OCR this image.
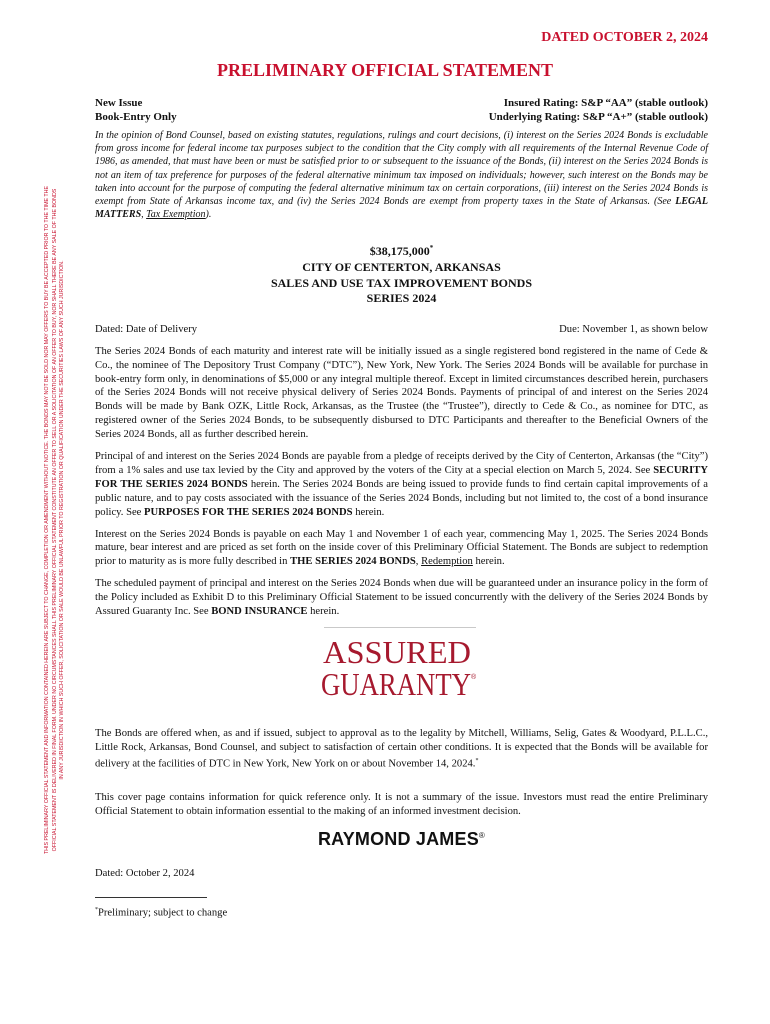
DATED OCTOBER 2, 2024
PRELIMINARY OFFICIAL STATEMENT
THIS PRELIMINARY OFFICIAL STATEMENT AND INFORMATION CONTAINED HEREIN ARE SUBJECT TO CHANGE, COMPLETION OR AMENDMENT WITHOUT NOTICE. THE BONDS MAY NOT BE SOLD NOR MAY OFFERS TO BUY BE ACCEPTED PRIOR TO THE TIME THE OFFICIAL STATEMENT IS DELIVERED IN FINAL FORM. UNDER NO CIRCUMSTANCES SHALL THIS PRELIMINARY OFFICIAL STATEMENT CONSTITUTE AN OFFER TO SELL OR A SOLICITATION OF AN OFFER TO BUY, NOR SHALL THERE BE ANY SALE OF THE BONDS IN ANY JURISDICTION IN WHICH SUCH OFFER, SOLICITATION OR SALE WOULD BE UNLAWFUL PRIOR TO REGISTRATION OR QUALIFICATION UNDER THE SECURITIES LAWS OF ANY SUCH JURISDICTION.
New Issue	Insured Rating: S&P “AA” (stable outlook)
Book-Entry Only	Underlying Rating: S&P “A+” (stable outlook)
In the opinion of Bond Counsel, based on existing statutes, regulations, rulings and court decisions, (i) interest on the Series 2024 Bonds is excludable from gross income for federal income tax purposes subject to the condition that the City comply with all requirements of the Internal Revenue Code of 1986, as amended, that must have been or must be satisfied prior to or subsequent to the issuance of the Bonds, (ii) interest on the Series 2024 Bonds is not an item of tax preference for purposes of the federal alternative minimum tax imposed on individuals; however, such interest on the Bonds may be taken into account for the purpose of computing the federal alternative minimum tax on certain corporations, (iii) interest on the Series 2024 Bonds is exempt from State of Arkansas income tax, and (iv) the Series 2024 Bonds are exempt from property taxes in the State of Arkansas. (See LEGAL MATTERS, Tax Exemption).
$38,175,000*
CITY OF CENTERTON, ARKANSAS
SALES AND USE TAX IMPROVEMENT BONDS
SERIES 2024
Dated: Date of Delivery	Due: November 1, as shown below

The Series 2024 Bonds of each maturity and interest rate will be initially issued as a single registered bond registered in the name of Cede & Co., the nominee of The Depository Trust Company (“DTC”), New York, New York. The Series 2024 Bonds will be available for purchase in book-entry form only, in denominations of $5,000 or any integral multiple thereof. Except in limited circumstances described herein, purchasers of the Series 2024 Bonds will not receive physical delivery of Series 2024 Bonds. Payments of principal of and interest on the Series 2024 Bonds will be made by Bank OZK, Little Rock, Arkansas, as the Trustee (the “Trustee”), directly to Cede & Co., as nominee for DTC, as registered owner of the Series 2024 Bonds, to be subsequently disbursed to DTC Participants and thereafter to the Beneficial Owners of the Series 2024 Bonds, all as further described herein.

Principal of and interest on the Series 2024 Bonds are payable from a pledge of receipts derived by the City of Centerton, Arkansas (the “City”) from a 1% sales and use tax levied by the City and approved by the voters of the City at a special election on March 5, 2024. See SECURITY FOR THE SERIES 2024 BONDS herein. The Series 2024 Bonds are being issued to provide funds to find certain capital improvements of a public nature, and to pay costs associated with the issuance of the Series 2024 Bonds, including but not limited to, the cost of a bond insurance policy. See PURPOSES FOR THE SERIES 2024 BONDS herein.

Interest on the Series 2024 Bonds is payable on each May 1 and November 1 of each year, commencing May 1, 2025. The Series 2024 Bonds mature, bear interest and are priced as set forth on the inside cover of this Preliminary Official Statement. The Bonds are subject to redemption prior to maturity as is more fully described in THE SERIES 2024 BONDS, Redemption herein.

The scheduled payment of principal and interest on the Series 2024 Bonds when due will be guaranteed under an insurance policy in the form of the Policy included as Exhibit D to this Preliminary Official Statement to be issued concurrently with the delivery of the Series 2024 Bonds by Assured Guaranty Inc. See BOND INSURANCE herein.

ASSURED
GUARANTY ®

The Bonds are offered when, as and if issued, subject to approval as to the legality by Mitchell, Williams, Selig, Gates & Woodyard, P.L.L.C., Little Rock, Arkansas, Bond Counsel, and subject to satisfaction of certain other conditions. It is expected that the Bonds will be available for delivery at the facilities of DTC in New York, New York on or about November 14, 2024.*

This cover page contains information for quick reference only. It is not a summary of the issue. Investors must read the entire Preliminary Official Statement to obtain information essential to the making of an informed investment decision.

RAYMOND JAMES®

Dated: October 2, 2024

*Preliminary; subject to change
